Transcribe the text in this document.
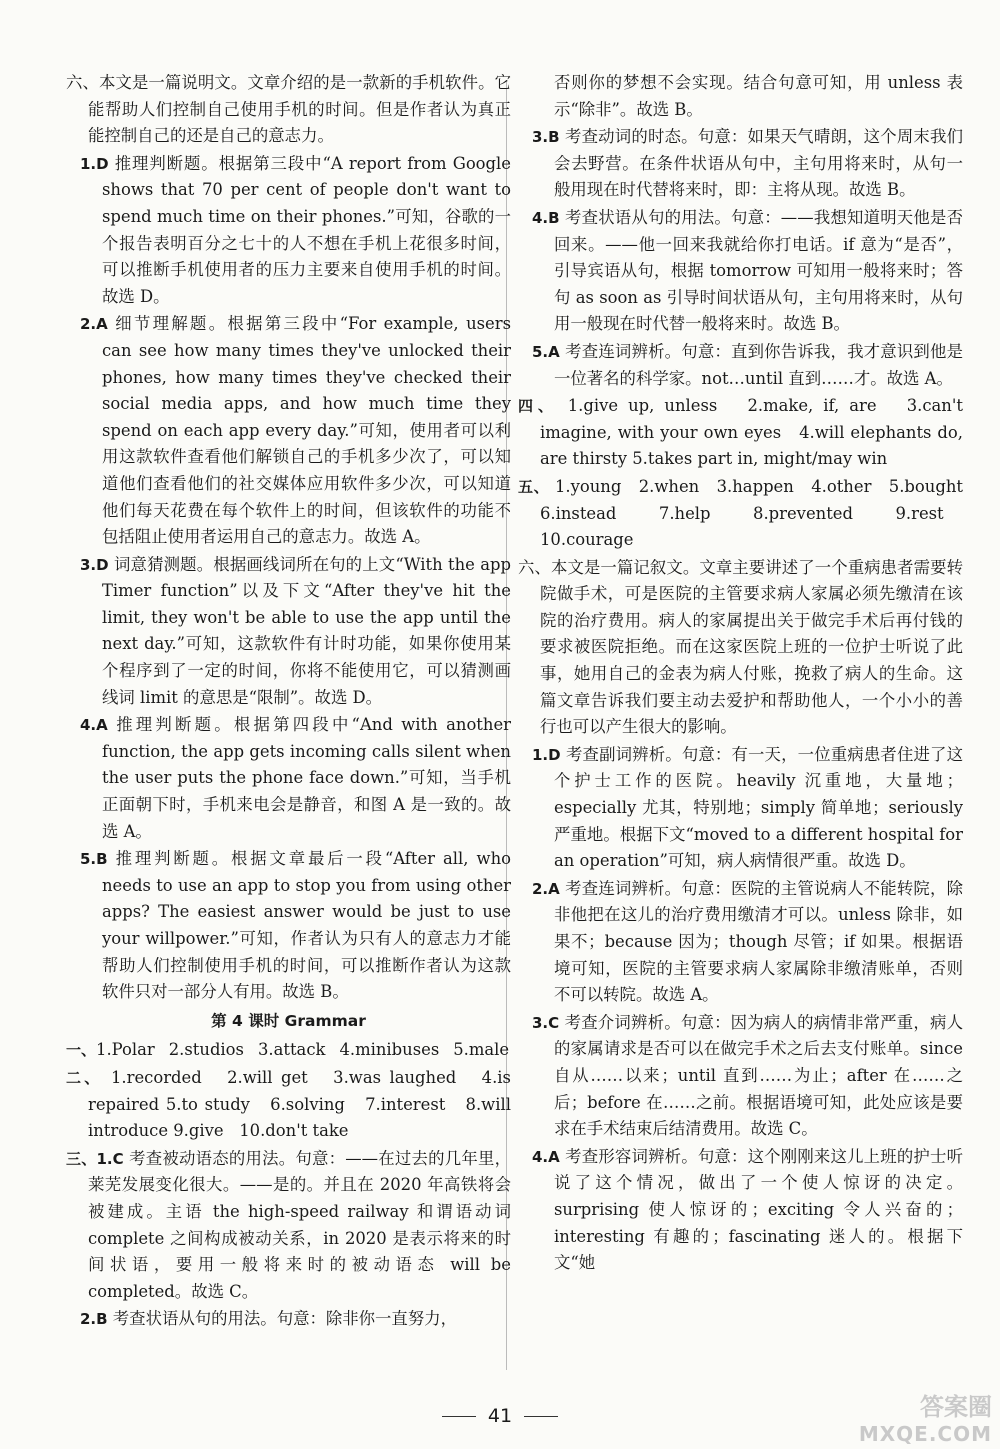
六、本文是一篇说明文。文章介绍的是一款新的手机软件。它能帮助人们控制自己使用手机的时间。但是作者认为真正能控制自己的还是自己的意志力。
1.D 推理判断题。根据第三段中“A report from Google shows that 70 per cent of people don't want to spend much time on their phones.”可知，谷歌的一个报告表明百分之七十的人不想在手机上花很多时间，可以推断手机使用者的压力主要来自使用手机的时间。故选 D。
2.A 细节理解题。根据第三段中“For example, users can see how many times they've unlocked their phones, how many times they've checked their social media apps, and how much time they spend on each app every day.”可知，使用者可以利用这款软件查看他们解锁自己的手机多少次了，可以知道他们查看他们的社交媒体应用软件多少次，可以知道他们每天花费在每个软件上的时间，但该软件的功能不包括阻止使用者运用自己的意志力。故选 A。
3.D 词意猜测题。根据画线词所在句的上文“With the app Timer function”以及下文“After they've hit the limit, they won't be able to use the app until the next day.”可知，这款软件有计时功能，如果你使用某个程序到了一定的时间，你将不能使用它，可以猜测画线词 limit 的意思是“限制”。故选 D。
4.A 推理判断题。根据第四段中“And with another function, the app gets incoming calls silent when the user puts the phone face down.”可知，当手机正面朝下时，手机来电会是静音，和图 A 是一致的。故选 A。
5.B 推理判断题。根据文章最后一段“After all, who needs to use an app to stop you from using other apps? The easiest answer would be just to use your willpower.”可知，作者认为只有人的意志力才能帮助人们控制使用手机的时间，可以推断作者认为这款软件只对一部分人有用。故选 B。
第 4 课时 Grammar
一、 1.Polar 2.studios 3.attack 4.minibuses 5.male
二、 1.recorded 2.will get 3.was laughed 4.is repaired 5.to study 6.solving 7.interest 8.will introduce 9.give 10.don't take
三、1.C 考查被动语态的用法。句意：——在过去的几年里，莱芜发展变化很大。——是的。并且在 2020 年高铁将会被建成。主语 the high-speed railway 和谓语动词 complete 之间构成被动关系，in 2020 是表示将来的时间状语，要用一般将来时的被动语态 will be completed。故选 C。
2.B 考查状语从句的用法。句意：除非你一直努力，
否则你的梦想不会实现。结合句意可知，用 unless 表示“除非”。故选 B。
3.B 考查动词的时态。句意：如果天气晴朗，这个周末我们会去野营。在条件状语从句中，主句用将来时，从句一般用现在时代替将来时，即：主将从现。故选 B。
4.B 考查状语从句的用法。句意：——我想知道明天他是否回来。——他一回来我就给你打电话。if 意为“是否”，引导宾语从句，根据 tomorrow 可知用一般将来时；答句 as soon as 引导时间状语从句，主句用将来时，从句用一般现在时代替一般将来时。故选 B。
5.A 考查连词辨析。句意：直到你告诉我，我才意识到他是一位著名的科学家。not…until 直到……才。故选 A。
四、 1.give up, unless 2.make, if, are 3.can't imagine, with your own eyes 4.will elephants do, are thirsty 5.takes part in, might/may win
五、 1.young 2.when 3.happen 4.other 5.bought 6.instead	7.help	8.prevented	9.rest   10.courage
六、本文是一篇记叙文。文章主要讲述了一个重病患者需要转院做手术，可是医院的主管要求病人家属必须先缴清在该院的治疗费用。病人的家属提出关于做完手术后再付钱的要求被医院拒绝。而在这家医院上班的一位护士听说了此事，她用自己的金表为病人付账，挽救了病人的生命。这篇文章告诉我们要主动去爱护和帮助他人，一个小小的善行也可以产生很大的影响。
1.D 考查副词辨析。句意：有一天，一位重病患者住进了这个护士工作的医院。heavily 沉重地，大量地；especially 尤其，特别地；simply 简单地；seriously 严重地。根据下文“moved to a different hospital for an operation”可知，病人病情很严重。故选 D。
2.A 考查连词辨析。句意：医院的主管说病人不能转院，除非他把在这儿的治疗费用缴清才可以。unless 除非，如果不；because 因为；though 尽管；if 如果。根据语境可知，医院的主管要求病人家属除非缴清账单，否则不可以转院。故选 A。
3.C 考查介词辨析。句意：因为病人的病情非常严重，病人的家属请求是否可以在做完手术之后去支付账单。since 自从……以来；until 直到……为止；after 在……之后；before 在……之前。根据语境可知，此处应该是要求在手术结束后结清费用。故选 C。
4.A 考查形容词辨析。句意：这个刚刚来这儿上班的护士听说了这个情况，做出了一个使人惊讶的决定。surprising 使人惊讶的；exciting 令人兴奋的；interesting 有趣的；fascinating 迷人的。根据下文“她
41	答案圈
MXQE.COM
